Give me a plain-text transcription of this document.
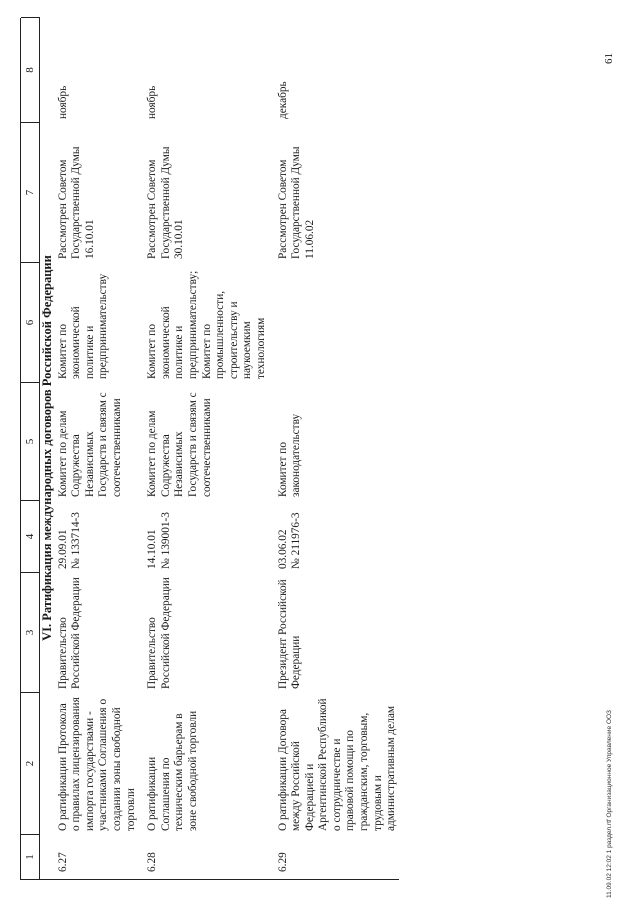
1
2
3
4
5
6
7
8
VI. Ратификация международных договоров Российской Федерации
6.27
О ратификации Протокола о правилах лицензирования импорта государствами - участниками Соглашения о создании зоны свободной торговли
Правительство Российской Федерации
29.09.01
№ 133714-3
Комитет по делам Содружества Независимых Государств и связям с соотечественниками
Комитет по экономической политике и предпринимательству
Рассмотрен Советом Государственной Думы 16.10.01
ноябрь
6.28
О ратификации Соглашения по техническим барьерам в зоне свободной торговли
Правительство Российской Федерации
14.10.01
№ 139001-3
Комитет по делам Содружества Независимых Государств и связям с соотечественниками
Комитет по экономической политике и предпринимательству; Комитет по промышленности, строительству и наукоемким технологиям
Рассмотрен Советом Государственной Думы 30.10.01
ноябрь
6.29
О ратификации Договора между Российской Федерацией и Аргентинской Республикой о сотрудничестве и правовой помощи по гражданским, торговым, трудовым и административным делам
Президент Российской Федерации
03.06.02
№ 211976-3
Комитет по законодательству
Рассмотрен Советом Государственной Думы 11.06.02
декабрь
61
11.09.02 12:02 1 раздел.rtf Организационное Управление ООЗ
